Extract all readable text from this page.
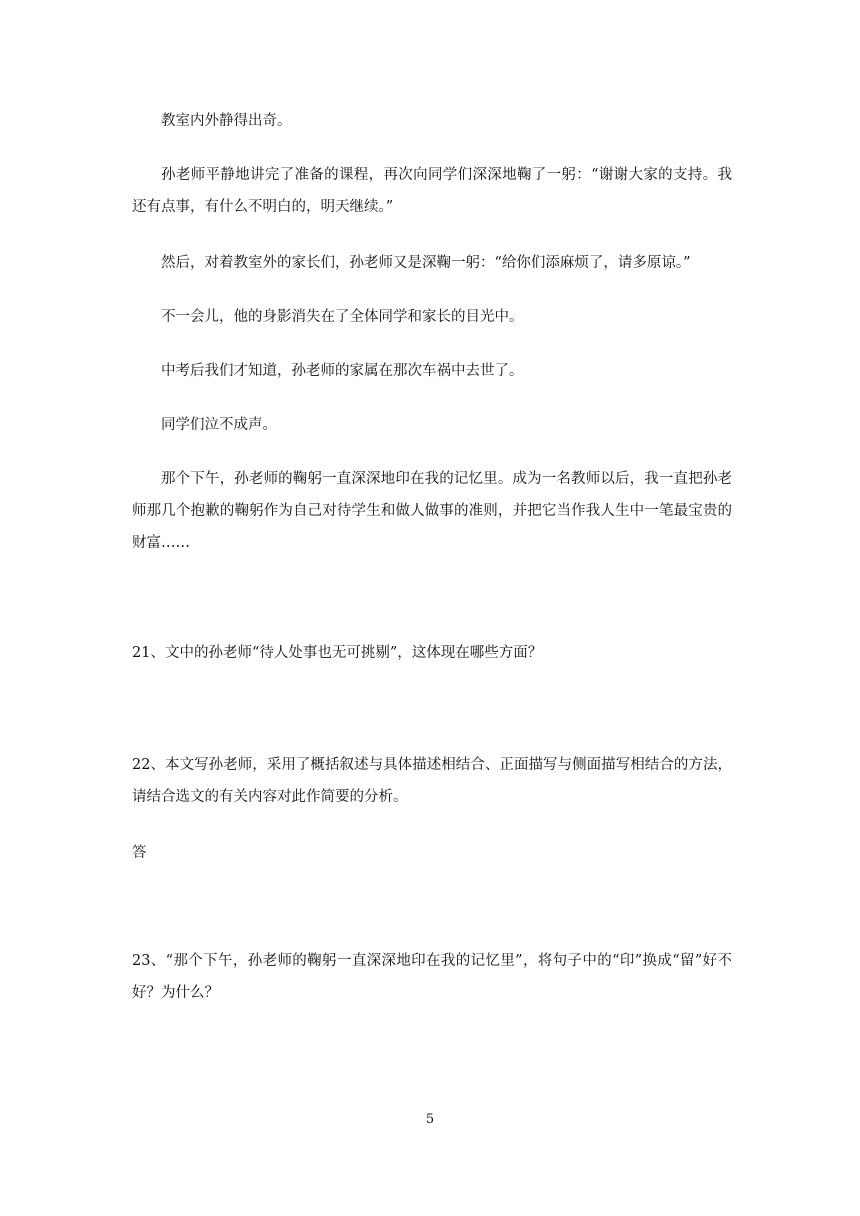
教室内外静得出奇。

孙老师平静地讲完了准备的课程，再次向同学们深深地鞠了一躬：“谢谢大家的支持。我还有点事，有什么不明白的，明天继续。”

然后，对着教室外的家长们，孙老师又是深鞠一躬：“给你们添麻烦了，请多原谅。”

不一会儿，他的身影消失在了全体同学和家长的目光中。

中考后我们才知道，孙老师的家属在那次车祸中去世了。

同学们泣不成声。

那个下午，孙老师的鞠躬一直深深地印在我的记忆里。成为一名教师以后，我一直把孙老师那几个抱歉的鞠躬作为自己对待学生和做人做事的准则，并把它当作我人生中一笔最宝贵的财富……

21、文中的孙老师“待人处事也无可挑剔”，这体现在哪些方面？

22、本文写孙老师，采用了概括叙述与具体描述相结合、正面描写与侧面描写相结合的方法，请结合选文的有关内容对此作简要的分析。

答

23、“那个下午，孙老师的鞠躬一直深深地印在我的记忆里”，将句子中的“印”换成“留”好不好？为什么？

5
